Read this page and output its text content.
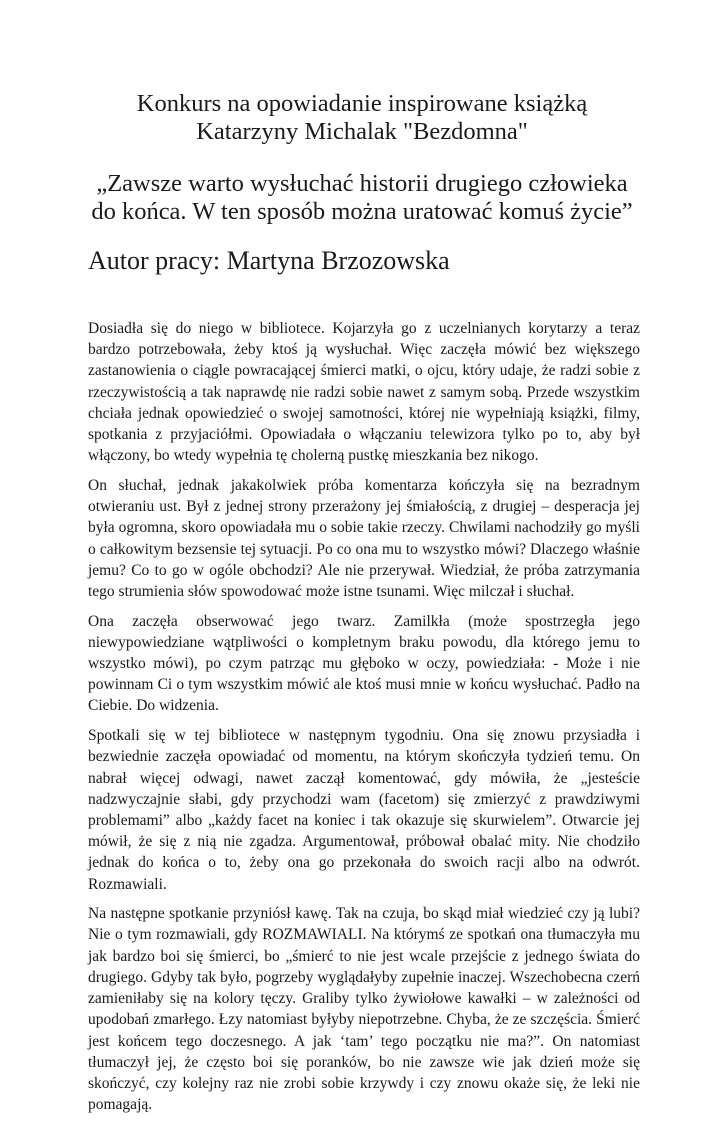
Konkurs na opowiadanie inspirowane książką Katarzyny Michalak "Bezdomna"
„Zawsze warto wysłuchać historii drugiego człowieka do końca. W ten sposób można uratować komuś życie”
Autor pracy: Martyna Brzozowska

Dosiadła się do niego w bibliotece. Kojarzyła go z uczelnianych korytarzy a teraz bardzo potrzebowała, żeby ktoś ją wysłuchał. Więc zaczęła mówić bez większego zastanowienia o ciągle powracającej śmierci matki, o ojcu, który udaje, że radzi sobie z rzeczywistością a tak naprawdę nie radzi sobie nawet z samym sobą. Przede wszystkim chciała jednak opowiedzieć o swojej samotności, której nie wypełniają książki, filmy, spotkania z przyjaciółmi. Opowiadała o włączaniu telewizora tylko po to, aby był włączony, bo wtedy wypełnia tę cholerną pustkę mieszkania bez nikogo.

On słuchał, jednak jakakolwiek próba komentarza kończyła się na bezradnym otwieraniu ust. Był z jednej strony przerażony jej śmiałością, z drugiej – desperacja jej była ogromna, skoro opowiadała mu o sobie takie rzeczy. Chwilami nachodziły go myśli o całkowitym bezsensie tej sytuacji. Po co ona mu to wszystko mówi? Dlaczego właśnie jemu? Co to go w ogóle obchodzi? Ale nie przerywał. Wiedział, że próba zatrzymania tego strumienia słów spowodować może istne tsunami. Więc milczał i słuchał.

Ona zaczęła obserwować jego twarz. Zamilkła (może spostrzegła jego niewypowiedziane wątpliwości o kompletnym braku powodu, dla którego jemu to wszystko mówi), po czym patrząc mu głęboko w oczy, powiedziała: - Może i nie powinnam Ci o tym wszystkim mówić ale ktoś musi mnie w końcu wysłuchać. Padło na Ciebie. Do widzenia.

Spotkali się w tej bibliotece w następnym tygodniu. Ona się znowu przysiadła i bezwiednie zaczęła opowiadać od momentu, na którym skończyła tydzień temu. On nabrał więcej odwagi, nawet zaczął komentować, gdy mówiła, że „jesteście nadzwyczajnie słabi, gdy przychodzi wam (facetom) się zmierzyć z prawdziwymi problemami” albo „każdy facet na koniec i tak okazuje się skurwielem”. Otwarcie jej mówił, że się z nią nie zgadza. Argumentował, próbował obalać mity. Nie chodziło jednak do końca o to, żeby ona go przekonała do swoich racji albo na odwrót. Rozmawiali.

Na następne spotkanie przyniósł kawę. Tak na czuja, bo skąd miał wiedzieć czy ją lubi? Nie o tym rozmawiali, gdy ROZMAWIALI. Na którymś ze spotkań ona tłumaczyła mu jak bardzo boi się śmierci, bo „śmierć to nie jest wcale przejście z jednego świata do drugiego. Gdyby tak było, pogrzeby wyglądałyby zupełnie inaczej. Wszechobecna czerń zamieniłaby się na kolory tęczy. Graliby tylko żywiołowe kawałki – w zależności od upodobań zmarłego. Łzy natomiast byłyby niepotrzebne. Chyba, że ze szczęścia. Śmierć jest końcem tego doczesnego. A jak ‘tam’ tego początku nie ma?”. On natomiast tłumaczył jej, że często boi się poranków, bo nie zawsze wie jak dzień może się skończyć, czy kolejny raz nie zrobi sobie krzywdy i czy znowu okaże się, że leki nie pomagają.
